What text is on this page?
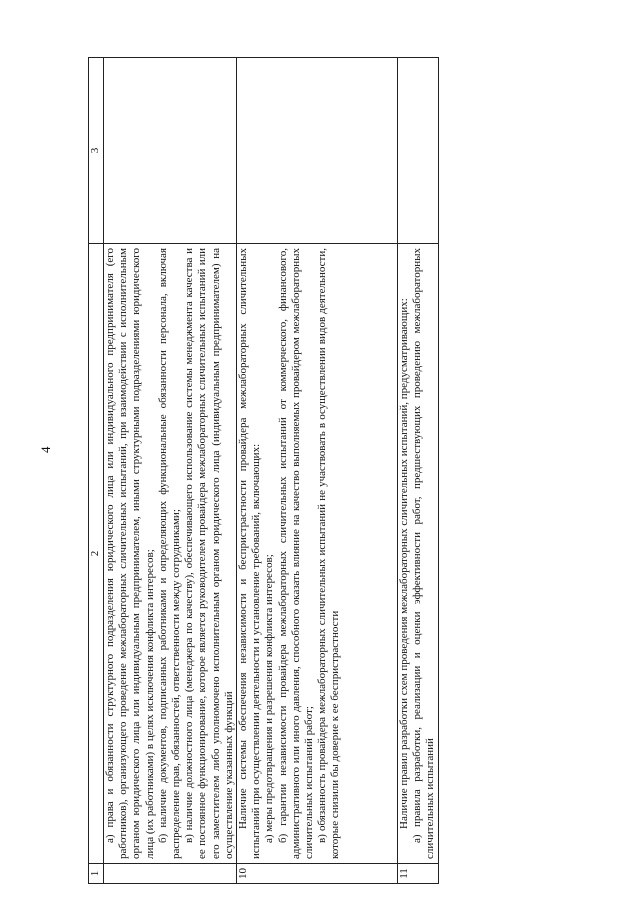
4
1	2	3

	а) права и обязанности структурного подразделения юридического лица или индивидуального предпринимателя (его работников), организующего проведение межлабораторных сличительных испытаний, при взаимодействии с исполнительным органом юридического лица или индивидуальным предпринимателем, иными структурными подразделениями юридического лица (их работниками) в целях исключения конфликта интересов; б) наличие документов, подписанных работниками и определяющих функциональные обязанности персонала, включая распределение прав, обязанностей, ответственности между сотрудниками; в) наличие должностного лица (менеджера по качеству), обеспечивающего использование системы менеджмента качества и ее постоянное функционирование, которое является руководителем провайдера межлабораторных сличительных испытаний или его заместителем либо уполномочено исполнительным органом юридического лица (индивидуальным предпринимателем) на осуществление указанных функций	

10	Наличие системы обеспечения независимости и беспристрастности провайдера межлабораторных сличительных испытаний при осуществлении деятельности и установление требований, включающих: а) меры предотвращения и разрешения конфликта интересов; б) гарантии независимости провайдера межлабораторных сличительных испытаний от коммерческого, финансового, административного или иного давления, способного оказать влияние на качество выполняемых провайдером межлабораторных сличительных испытаний работ; в) обязанность провайдера межлабораторных сличительных испытаний не участвовать в осуществлении видов деятельности, которые снизили бы доверие к ее беспристрастности	

11	Наличие правил разработки схем проведения межлабораторных сличительных испытаний, предусматривающих: а) правила разработки, реализации и оценки эффективности работ, предшествующих проведению межлабораторных сличительных испытаний	
